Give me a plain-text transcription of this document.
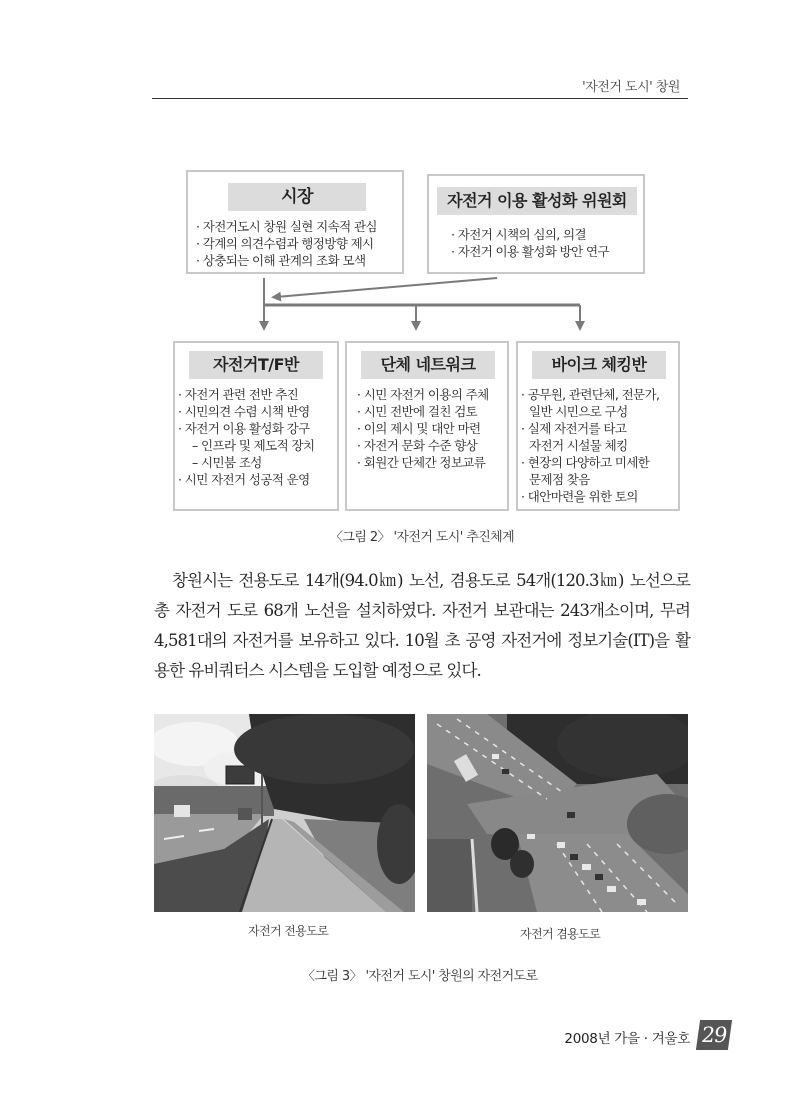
'자전거 도시' 창원
시장
· 자전거도시 창원 실현 지속적 관심
· 각계의 의견수렴과 행정방향 제시
· 상충되는 이해 관계의 조화 모색
자전거 이용 활성화 위원회
· 자전거 시책의 심의, 의결
· 자전거 이용 활성화 방안 연구
자전거T/F반
· 자전거 관련 전반 추진
· 시민의견 수렴 시책 반영
· 자전거 이용 활성화 강구
– 인프라 및 제도적 장치
– 시민붐 조성
· 시민 자전거 성공적 운영
단체 네트워크
· 시민 자전거 이용의 주체
· 시민 전반에 걸친 검토
· 이의 제시 및 대안 마련
· 자전거 문화 수준 향상
· 회원간 단체간 정보교류
바이크 체킹반
· 공무원, 관련단체, 전문가,
일반 시민으로 구성
· 실제 자전거를 타고
자전거 시설물 체킹
· 현장의 다양하고 미세한
문제점 찾음
· 대안마련을 위한 토의
〈그림 2〉 '자전거 도시' 추진체계

창원시는 전용도로 14개(94.0㎞) 노선, 겸용도로 54개(120.3㎞) 노선으로 총 자전거 도로 68개 노선을 설치하였다. 자전거 보관대는 243개소이며, 무려 4,581대의 자전거를 보유하고 있다. 10월 초 공영 자전거에 정보기술(IT)을 활용한 유비쿼터스 시스템을 도입할 예정으로 있다.

자전거 전용도로	자전거 겸용도로
〈그림 3〉 '자전거 도시' 창원의 자전거도로
2008년 가을 · 겨울호 29
